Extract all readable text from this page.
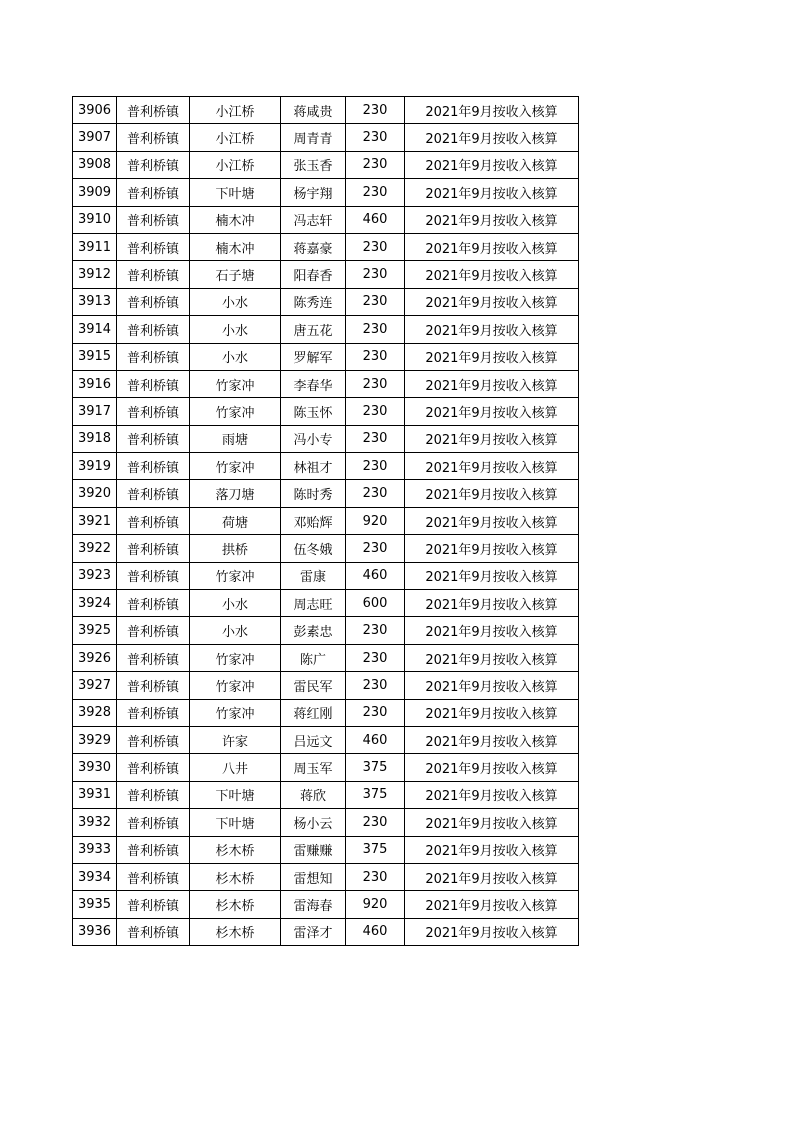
3906	普利桥镇	小江桥	蒋咸贵	230	2021年9月按收入核算
3907	普利桥镇	小江桥	周青青	230	2021年9月按收入核算
3908	普利桥镇	小江桥	张玉香	230	2021年9月按收入核算
3909	普利桥镇	下叶塘	杨宇翔	230	2021年9月按收入核算
3910	普利桥镇	楠木冲	冯志轩	460	2021年9月按收入核算
3911	普利桥镇	楠木冲	蒋嘉豪	230	2021年9月按收入核算
3912	普利桥镇	石子塘	阳春香	230	2021年9月按收入核算
3913	普利桥镇	小水	陈秀连	230	2021年9月按收入核算
3914	普利桥镇	小水	唐五花	230	2021年9月按收入核算
3915	普利桥镇	小水	罗解军	230	2021年9月按收入核算
3916	普利桥镇	竹家冲	李春华	230	2021年9月按收入核算
3917	普利桥镇	竹家冲	陈玉怀	230	2021年9月按收入核算
3918	普利桥镇	雨塘	冯小专	230	2021年9月按收入核算
3919	普利桥镇	竹家冲	林祖才	230	2021年9月按收入核算
3920	普利桥镇	落刀塘	陈时秀	230	2021年9月按收入核算
3921	普利桥镇	荷塘	邓贻辉	920	2021年9月按收入核算
3922	普利桥镇	拱桥	伍冬娥	230	2021年9月按收入核算
3923	普利桥镇	竹家冲	雷康	460	2021年9月按收入核算
3924	普利桥镇	小水	周志旺	600	2021年9月按收入核算
3925	普利桥镇	小水	彭素忠	230	2021年9月按收入核算
3926	普利桥镇	竹家冲	陈广	230	2021年9月按收入核算
3927	普利桥镇	竹家冲	雷民军	230	2021年9月按收入核算
3928	普利桥镇	竹家冲	蒋红刚	230	2021年9月按收入核算
3929	普利桥镇	许家	吕远文	460	2021年9月按收入核算
3930	普利桥镇	八井	周玉军	375	2021年9月按收入核算
3931	普利桥镇	下叶塘	蒋欣	375	2021年9月按收入核算
3932	普利桥镇	下叶塘	杨小云	230	2021年9月按收入核算
3933	普利桥镇	杉木桥	雷赚赚	375	2021年9月按收入核算
3934	普利桥镇	杉木桥	雷想知	230	2021年9月按收入核算
3935	普利桥镇	杉木桥	雷海春	920	2021年9月按收入核算
3936	普利桥镇	杉木桥	雷泽才	460	2021年9月按收入核算
